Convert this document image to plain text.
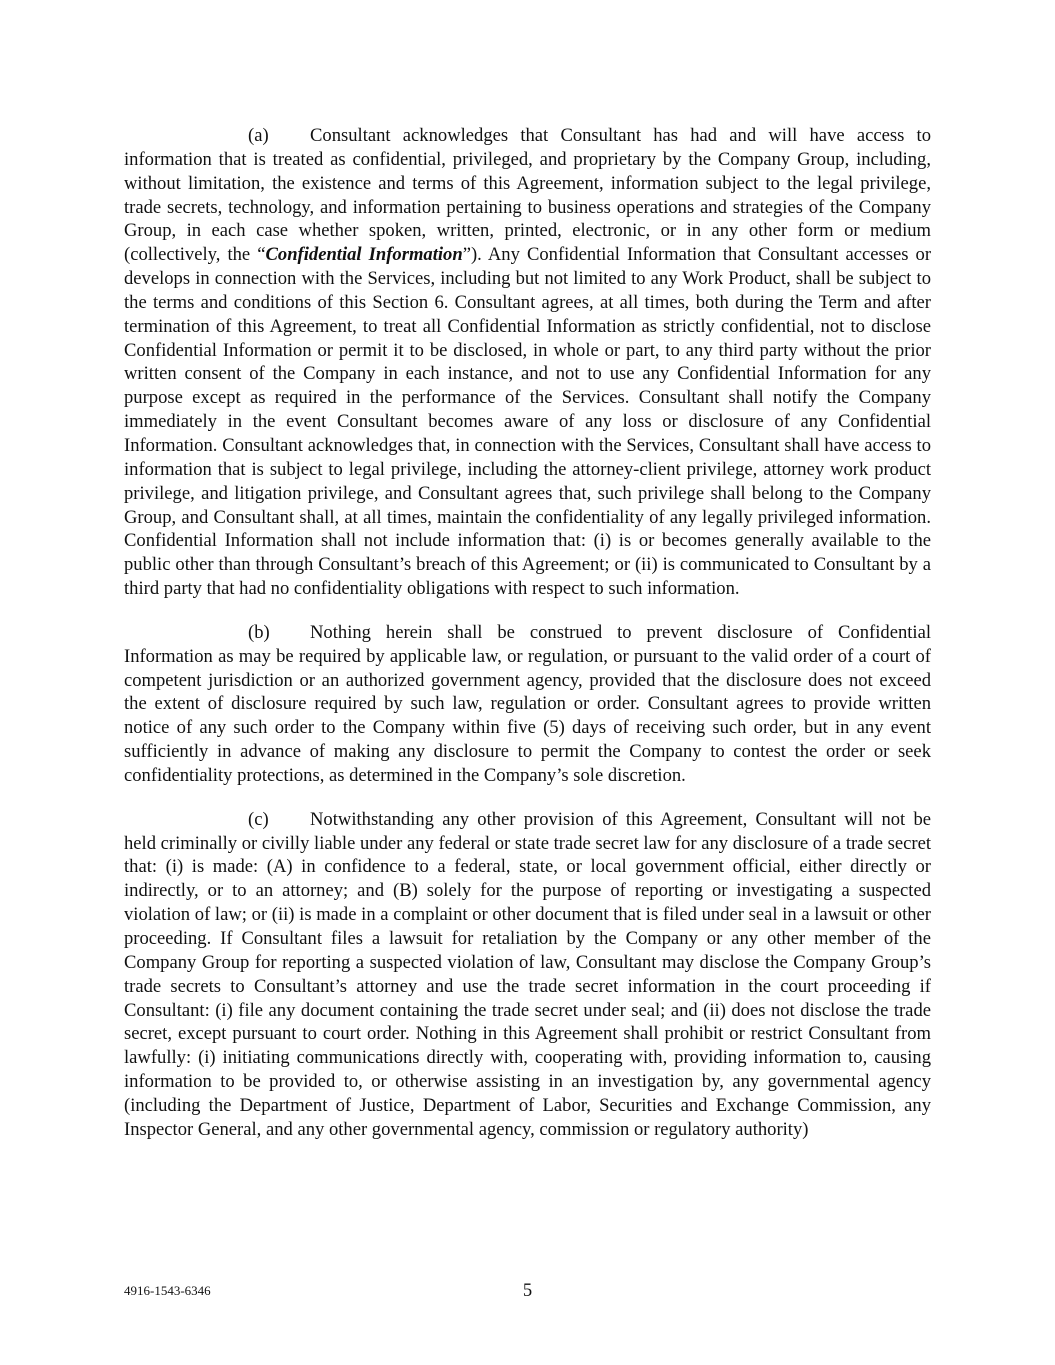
(a) Consultant acknowledges that Consultant has had and will have access to information that is treated as confidential, privileged, and proprietary by the Company Group, including, without limitation, the existence and terms of this Agreement, information subject to the legal privilege, trade secrets, technology, and information pertaining to business operations and strategies of the Company Group, in each case whether spoken, written, printed, electronic, or in any other form or medium (collectively, the “Confidential Information”). Any Confidential Information that Consultant accesses or develops in connection with the Services, including but not limited to any Work Product, shall be subject to the terms and conditions of this Section 6. Consultant agrees, at all times, both during the Term and after termination of this Agreement, to treat all Confidential Information as strictly confidential, not to disclose Confidential Information or permit it to be disclosed, in whole or part, to any third party without the prior written consent of the Company in each instance, and not to use any Confidential Information for any purpose except as required in the performance of the Services. Consultant shall notify the Company immediately in the event Consultant becomes aware of any loss or disclosure of any Confidential Information. Consultant acknowledges that, in connection with the Services, Consultant shall have access to information that is subject to legal privilege, including the attorney-client privilege, attorney work product privilege, and litigation privilege, and Consultant agrees that, such privilege shall belong to the Company Group, and Consultant shall, at all times, maintain the confidentiality of any legally privileged information. Confidential Information shall not include information that: (i) is or becomes generally available to the public other than through Consultant’s breach of this Agreement; or (ii) is communicated to Consultant by a third party that had no confidentiality obligations with respect to such information.

(b) Nothing herein shall be construed to prevent disclosure of Confidential Information as may be required by applicable law, or regulation, or pursuant to the valid order of a court of competent jurisdiction or an authorized government agency, provided that the disclosure does not exceed the extent of disclosure required by such law, regulation or order. Consultant agrees to provide written notice of any such order to the Company within five (5) days of receiving such order, but in any event sufficiently in advance of making any disclosure to permit the Company to contest the order or seek confidentiality protections, as determined in the Company’s sole discretion.

(c) Notwithstanding any other provision of this Agreement, Consultant will not be held criminally or civilly liable under any federal or state trade secret law for any disclosure of a trade secret that: (i) is made: (A) in confidence to a federal, state, or local government official, either directly or indirectly, or to an attorney; and (B) solely for the purpose of reporting or investigating a suspected violation of law; or (ii) is made in a complaint or other document that is filed under seal in a lawsuit or other proceeding. If Consultant files a lawsuit for retaliation by the Company or any other member of the Company Group for reporting a suspected violation of law, Consultant may disclose the Company Group’s trade secrets to Consultant’s attorney and use the trade secret information in the court proceeding if Consultant: (i) file any document containing the trade secret under seal; and (ii) does not disclose the trade secret, except pursuant to court order. Nothing in this Agreement shall prohibit or restrict Consultant from lawfully: (i) initiating communications directly with, cooperating with, providing information to, causing information to be provided to, or otherwise assisting in an investigation by, any governmental agency (including the Department of Justice, Department of Labor, Securities and Exchange Commission, any Inspector General, and any other governmental agency, commission or regulatory authority)

4916-1543-6346	5
